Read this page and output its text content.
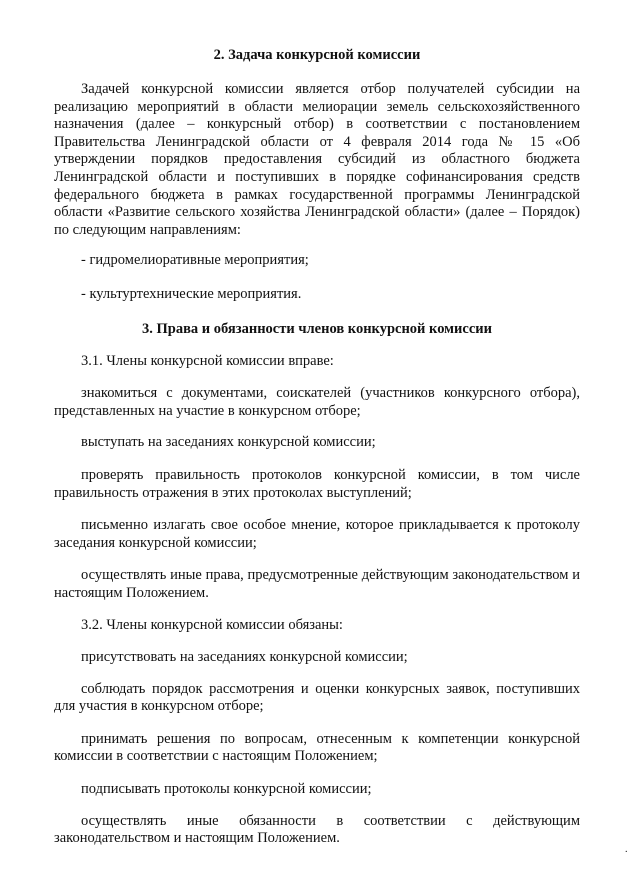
2. Задача конкурсной комиссии

Задачей конкурсной комиссии является отбор получателей субсидии на реализацию мероприятий в области мелиорации земель сельскохозяйственного назначения (далее – конкурсный отбор) в соответствии с постановлением Правительства Ленинградской области от 4 февраля 2014 года № 15 «Об утверждении порядков предоставления субсидий из областного бюджета Ленинградской области и поступивших в порядке софинансирования средств федерального бюджета в рамках государственной программы Ленинградской области «Развитие сельского хозяйства Ленинградской области» (далее – Порядок) по следующим направлениям:

- гидромелиоративные мероприятия;

- культуртехнические мероприятия.

3. Права и обязанности членов конкурсной комиссии

3.1. Члены конкурсной комиссии вправе:

знакомиться с документами, соискателей (участников конкурсного отбора), представленных на участие в конкурсном отборе;

выступать на заседаниях конкурсной комиссии;

проверять правильность протоколов конкурсной комиссии, в том числе правильность отражения в этих протоколах выступлений;

письменно излагать свое особое мнение, которое прикладывается к протоколу заседания конкурсной комиссии;

осуществлять иные права, предусмотренные действующим законодательством и настоящим Положением.

3.2. Члены конкурсной комиссии обязаны:

присутствовать на заседаниях конкурсной комиссии;

соблюдать порядок рассмотрения и оценки конкурсных заявок, поступивших для участия в конкурсном отборе;

принимать решения по вопросам, отнесенным к компетенции конкурсной комиссии в соответствии с настоящим Положением;

подписывать протоколы конкурсной комиссии;

осуществлять иные обязанности в соответствии с действующим законодательством и настоящим Положением.

.
